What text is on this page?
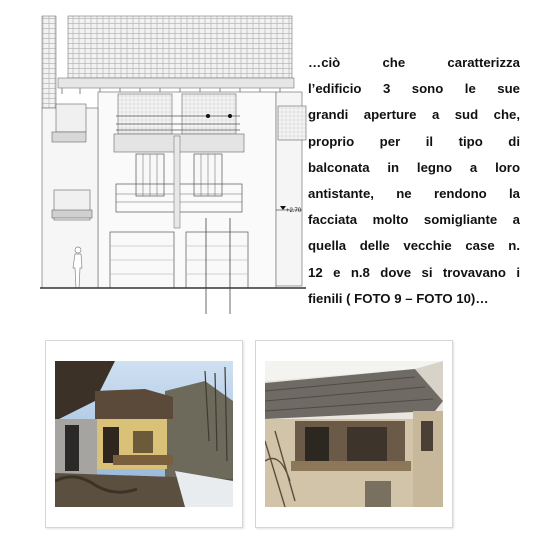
+2.70
…ciò che caratterizza
l’edificio 3 sono le sue
grandi aperture a sud che,
proprio per il tipo di
balconata in legno a loro
antistante, ne rendono la
facciata molto somigliante a
quella delle vecchie case n.
12 e n.8 dove si trovavano i
fienili ( FOTO 9 – FOTO 10)…
